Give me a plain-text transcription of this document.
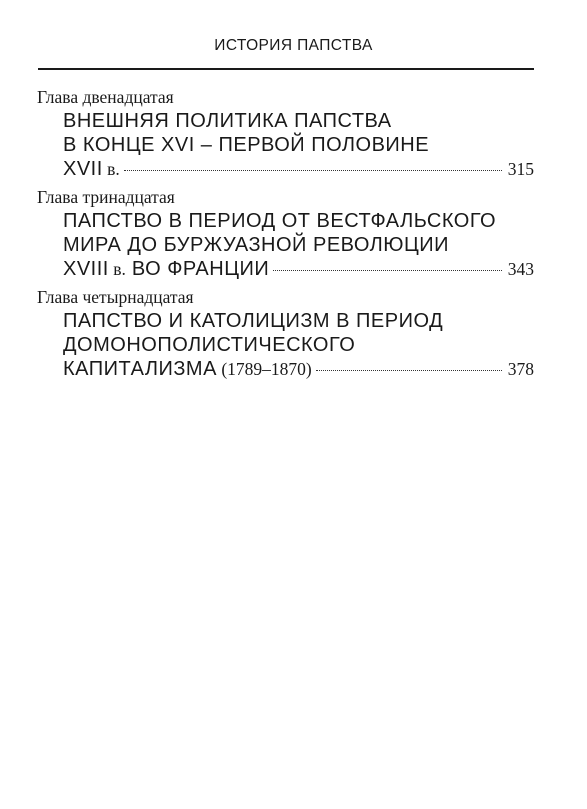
ИСТОРИЯ ПАПСТВА
Глава двенадцатая
ВНЕШНЯЯ ПОЛИТИКА ПАПСТВА
В КОНЦЕ XVI – ПЕРВОЙ ПОЛОВИНЕ
XVII в.	315
Глава тринадцатая
ПАПСТВО В ПЕРИОД ОТ ВЕСТФАЛЬСКОГО
МИРА ДО БУРЖУАЗНОЙ РЕВОЛЮЦИИ
XVIII в. ВО ФРАНЦИИ	343
Глава четырнадцатая
ПАПСТВО И КАТОЛИЦИЗМ В ПЕРИОД
ДОМОНОПОЛИСТИЧЕСКОГО
КАПИТАЛИЗМА (1789–1870)	378
